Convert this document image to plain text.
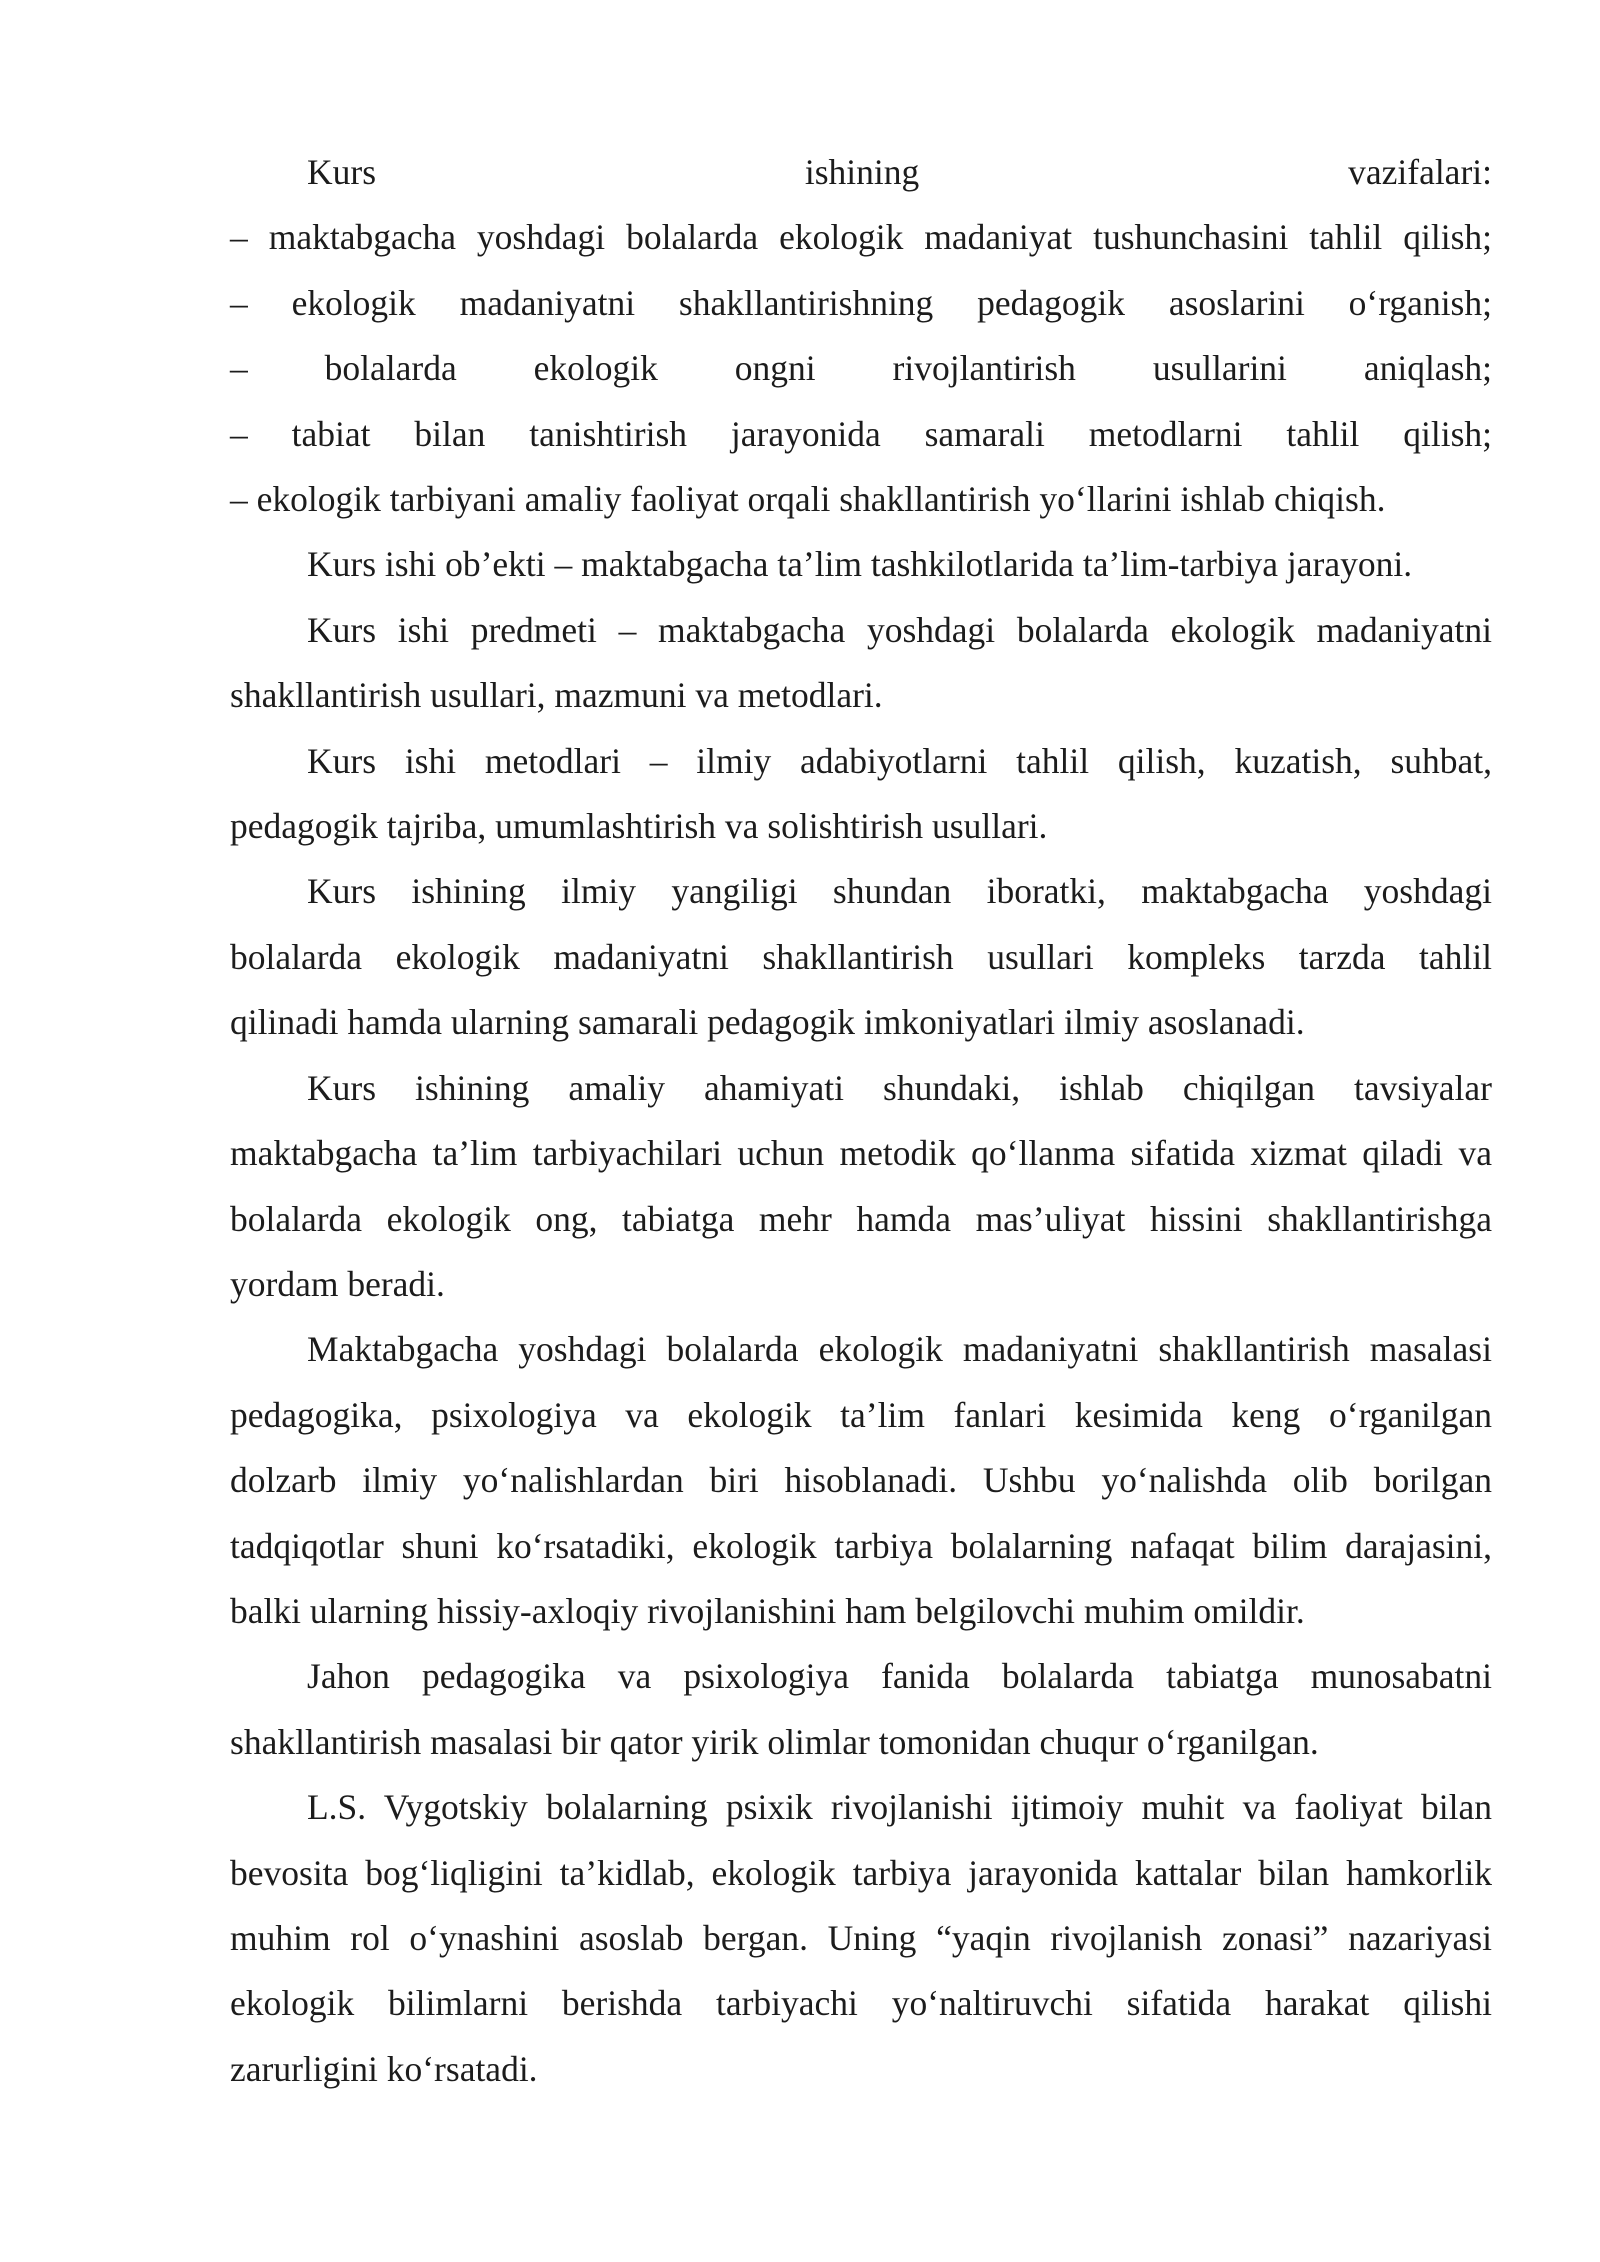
Kurs ishining vazifalari:
– maktabgacha yoshdagi bolalarda ekologik madaniyat tushunchasini tahlil qilish;
– ekologik madaniyatni shakllantirishning pedagogik asoslarini o‘rganish;
– bolalarda ekologik ongni rivojlantirish usullarini aniqlash;
– tabiat bilan tanishtirish jarayonida samarali metodlarni tahlil qilish;
– ekologik tarbiyani amaliy faoliyat orqali shakllantirish yo‘llarini ishlab chiqish.
Kurs ishi ob’ekti – maktabgacha ta’lim tashkilotlarida ta’lim-tarbiya jarayoni.
Kurs ishi predmeti – maktabgacha yoshdagi bolalarda ekologik madaniyatni
shakllantirish usullari, mazmuni va metodlari.
Kurs ishi metodlari – ilmiy adabiyotlarni tahlil qilish, kuzatish, suhbat,
pedagogik tajriba, umumlashtirish va solishtirish usullari.
Kurs ishining ilmiy yangiligi shundan iboratki, maktabgacha yoshdagi
bolalarda ekologik madaniyatni shakllantirish usullari kompleks tarzda tahlil
qilinadi hamda ularning samarali pedagogik imkoniyatlari ilmiy asoslanadi.
Kurs ishining amaliy ahamiyati shundaki, ishlab chiqilgan tavsiyalar
maktabgacha ta’lim tarbiyachilari uchun metodik qo‘llanma sifatida xizmat qiladi va
bolalarda ekologik ong, tabiatga mehr hamda mas’uliyat hissini shakllantirishga
yordam beradi.
Maktabgacha yoshdagi bolalarda ekologik madaniyatni shakllantirish masalasi
pedagogika, psixologiya va ekologik ta’lim fanlari kesimida keng o‘rganilgan
dolzarb ilmiy yo‘nalishlardan biri hisoblanadi. Ushbu yo‘nalishda olib borilgan
tadqiqotlar shuni ko‘rsatadiki, ekologik tarbiya bolalarning nafaqat bilim darajasini,
balki ularning hissiy-axloqiy rivojlanishini ham belgilovchi muhim omildir.
Jahon pedagogika va psixologiya fanida bolalarda tabiatga munosabatni
shakllantirish masalasi bir qator yirik olimlar tomonidan chuqur o‘rganilgan.
L.S. Vygotskiy bolalarning psixik rivojlanishi ijtimoiy muhit va faoliyat bilan
bevosita bog‘liqligini ta’kidlab, ekologik tarbiya jarayonida kattalar bilan hamkorlik
muhim rol o‘ynashini asoslab bergan. Uning “yaqin rivojlanish zonasi” nazariyasi
ekologik bilimlarni berishda tarbiyachi yo‘naltiruvchi sifatida harakat qilishi
zarurligini ko‘rsatadi.
